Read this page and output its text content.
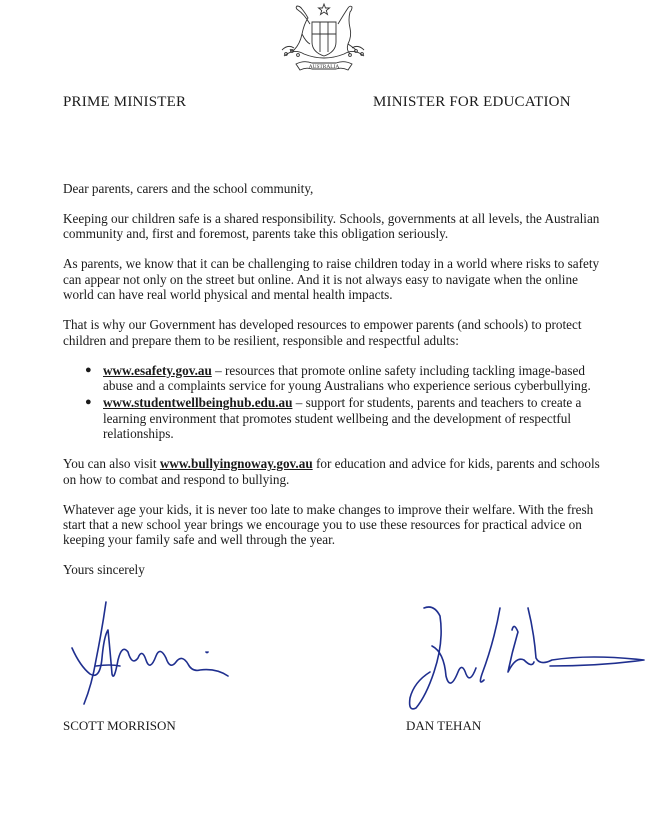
AUSTRALIA
PRIME MINISTER	MINISTER FOR EDUCATION

Dear parents, carers and the school community,

Keeping our children safe is a shared responsibility. Schools, governments at all levels, the Australian community and, first and foremost, parents take this obligation seriously.

As parents, we know that it can be challenging to raise children today in a world where risks to safety can appear not only on the street but online. And it is not always easy to navigate when the online world can have real world physical and mental health impacts.

That is why our Government has developed resources to empower parents (and schools) to protect children and prepare them to be resilient, responsible and respectful adults:

● www.esafety.gov.au – resources that promote online safety including tackling image-based abuse and a complaints service for young Australians who experience serious cyberbullying.
● www.studentwellbeinghub.edu.au – support for students, parents and teachers to create a learning environment that promotes student wellbeing and the development of respectful relationships.

You can also visit www.bullyingnoway.gov.au for education and advice for kids, parents and schools on how to combat and respond to bullying.

Whatever age your kids, it is never too late to make changes to improve their welfare. With the fresh start that a new school year brings we encourage you to use these resources for practical advice on keeping your family safe and well through the year.

Yours sincerely

SCOTT MORRISON	DAN TEHAN
